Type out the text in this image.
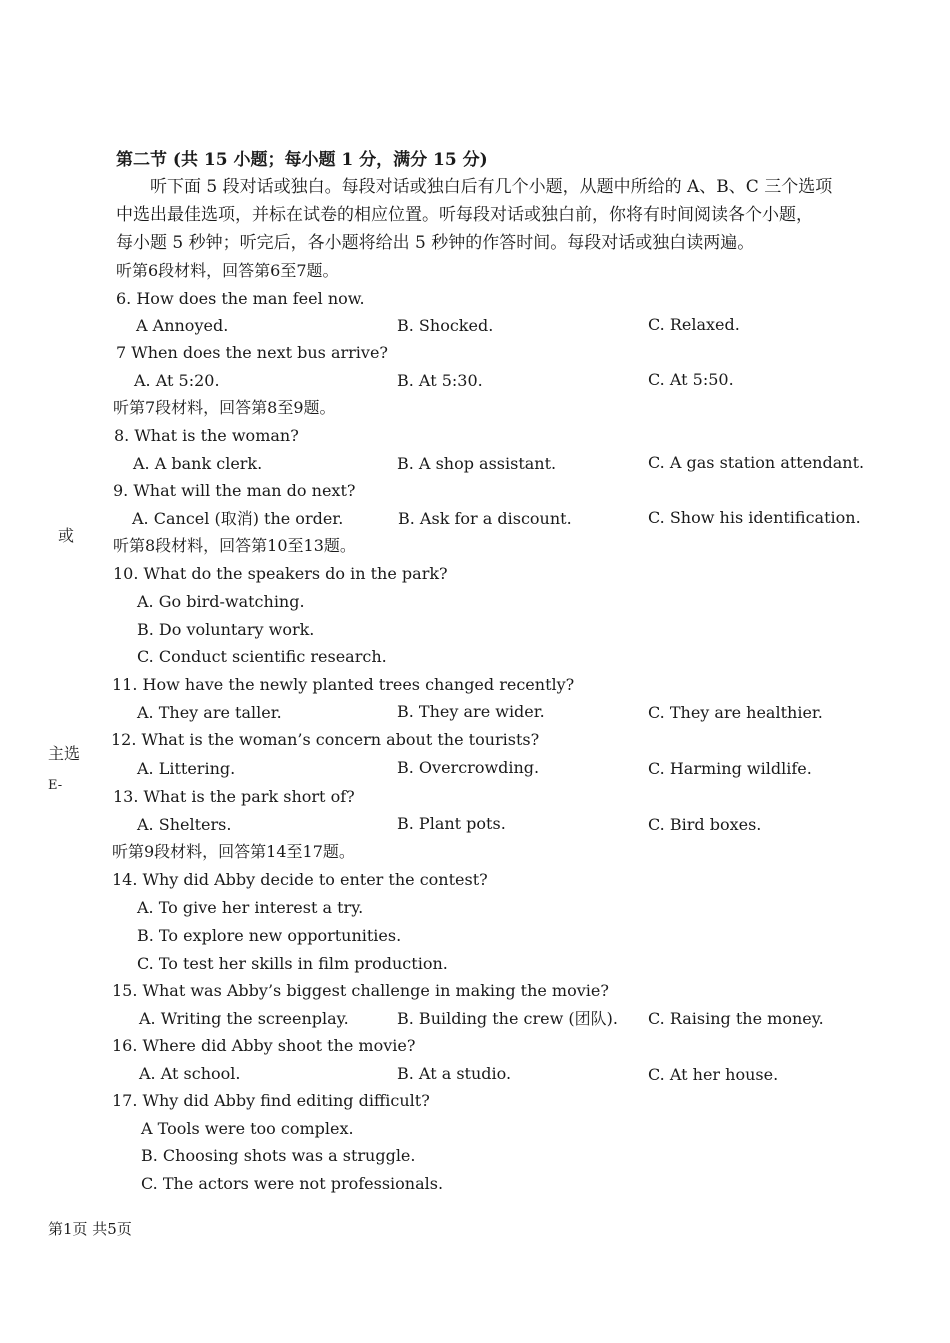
第二节 (共 15 小题；每小题 1 分，满分 15 分)
听下面 5 段对话或独白。每段对话或独白后有几个小题，从题中所给的 A、B、C 三个选项
中选出最佳选项，并标在试卷的相应位置。听每段对话或独白前，你将有时间阅读各个小题，
每小题 5 秒钟；听完后，各小题将给出 5 秒钟的作答时间。每段对话或独白读两遍。
听第6段材料，回答第6至7题。
6. How does the man feel now.
A Annoyed.	B. Shocked.	C. Relaxed.
7 When does the next bus arrive?
A. At 5:20.	B. At 5:30.	C. At 5:50.
听第7段材料，回答第8至9题。
8. What is the woman?
A. A bank clerk.	B. A shop assistant.	C. A gas station attendant.
9. What will the man do next?
A. Cancel (取消) the order.	B. Ask for a discount.	C. Show his identification.
或
听第8段材料，回答第10至13题。
10. What do the speakers do in the park?
A. Go bird-watching.
B. Do voluntary work.
C. Conduct scientific research.
11. How have the newly planted trees changed recently?
A. They are taller.	B. They are wider.	C. They are healthier.
12. What is the woman’s concern about the tourists?
A. Littering.	B. Overcrowding.	C. Harming wildlife.
主选
E-
13. What is the park short of?
A. Shelters.	B. Plant pots.	C. Bird boxes.
听第9段材料，回答第14至17题。
14. Why did Abby decide to enter the contest?
A. To give her interest a try.
B. To explore new opportunities.
C. To test her skills in film production.
15. What was Abby’s biggest challenge in making the movie?
A. Writing the screenplay.	B. Building the crew (团队). C. Raising the money.
16. Where did Abby shoot the movie?
A. At school.	B. At a studio.	C. At her house.
17. Why did Abby find editing difficult?
A Tools were too complex.
B. Choosing shots was a struggle.
C. The actors were not professionals.
第1页 共5页
